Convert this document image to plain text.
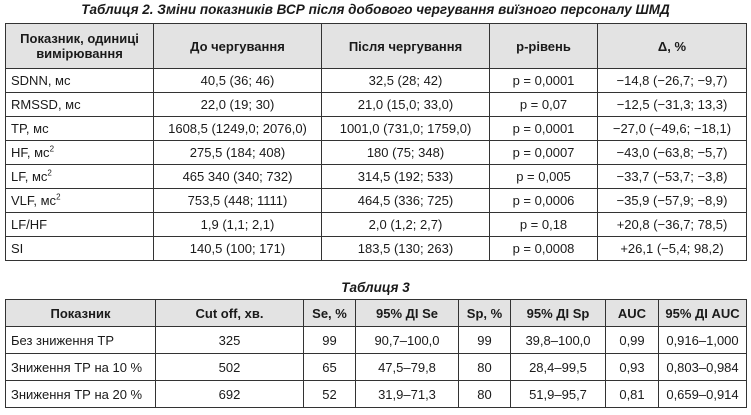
Таблиця 2. Зміни показників ВСР після добового чергування виїзного персоналу ШМД
Показник, одиниці вимірювання	До чергування	Після чергування	p-рівень	Δ, %
SDNN, мс	40,5 (36; 46)	32,5 (28; 42)	p = 0,0001	−14,8 (−26,7; −9,7)
RMSSD, мс	22,0 (19; 30)	21,0 (15,0; 33,0)	p = 0,07	−12,5 (−31,3; 13,3)
TP, мс	1608,5 (1249,0; 2076,0)	1001,0 (731,0; 1759,0)	p = 0,0001	−27,0 (−49,6; −18,1)
HF, $мс^2$	275,5 (184; 408)	180 (75; 348)	p = 0,0007	−43,0 (−63,8; −5,7)
LF, $мс^2$	465 340 (340; 732)	314,5 (192; 533)	p = 0,005	−33,7 (−53,7; −3,8)
VLF, $мс^2$	753,5 (448; 1111)	464,5 (336; 725)	p = 0,0006	−35,9 (−57,9; −8,9)
LF/HF	1,9 (1,1; 2,1)	2,0 (1,2; 2,7)	p = 0,18	+20,8 (−36,7; 78,5)
SI	140,5 (100; 171)	183,5 (130; 263)	p = 0,0008	+26,1 (−5,4; 98,2)
Таблиця 3
Показник	Cut off, хв.	Se, %	95% ДІ Se	Sp, %	95% ДІ Sp	AUC	95% ДІ AUC
Без зниження ТР	325	99	90,7–100,0	99	39,8–100,0	0,99	0,916–1,000
Зниження ТР на 10 %	502	65	47,5–79,8	80	28,4–99,5	0,93	0,803–0,984
Зниження ТР на 20 %	692	52	31,9–71,3	80	51,9–95,7	0,81	0,659–0,914
